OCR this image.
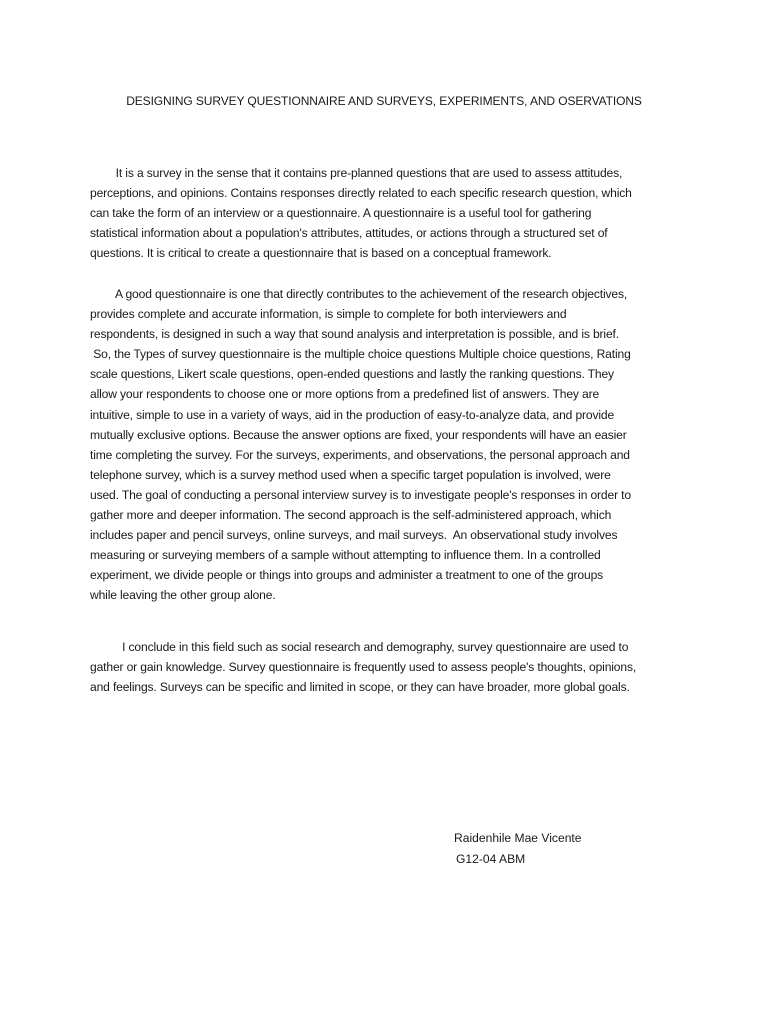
DESIGNING SURVEY QUESTIONNAIRE AND SURVEYS, EXPERIMENTS, AND OSERVATIONS
It is a survey in the sense that it contains pre-planned questions that are used to assess attitudes,
perceptions, and opinions. Contains responses directly related to each specific research question, which
can take the form of an interview or a questionnaire. A questionnaire is a useful tool for gathering
statistical information about a population's attributes, attitudes, or actions through a structured set of
questions. It is critical to create a questionnaire that is based on a conceptual framework.
A good questionnaire is one that directly contributes to the achievement of the research objectives,
provides complete and accurate information, is simple to complete for both interviewers and
respondents, is designed in such a way that sound analysis and interpretation is possible, and is brief.
So, the Types of survey questionnaire is the multiple choice questions Multiple choice questions, Rating
scale questions, Likert scale questions, open-ended questions and lastly the ranking questions. They
allow your respondents to choose one or more options from a predefined list of answers. They are
intuitive, simple to use in a variety of ways, aid in the production of easy-to-analyze data, and provide
mutually exclusive options. Because the answer options are fixed, your respondents will have an easier
time completing the survey. For the surveys, experiments, and observations, the personal approach and
telephone survey, which is a survey method used when a specific target population is involved, were
used. The goal of conducting a personal interview survey is to investigate people's responses in order to
gather more and deeper information. The second approach is the self-administered approach, which
includes paper and pencil surveys, online surveys, and mail surveys.  An observational study involves
measuring or surveying members of a sample without attempting to influence them. In a controlled
experiment, we divide people or things into groups and administer a treatment to one of the groups
while leaving the other group alone.
I conclude in this field such as social research and demography, survey questionnaire are used to
gather or gain knowledge. Survey questionnaire is frequently used to assess people's thoughts, opinions,
and feelings. Surveys can be specific and limited in scope, or they can have broader, more global goals.
Raidenhile Mae Vicente
G12-04 ABM
